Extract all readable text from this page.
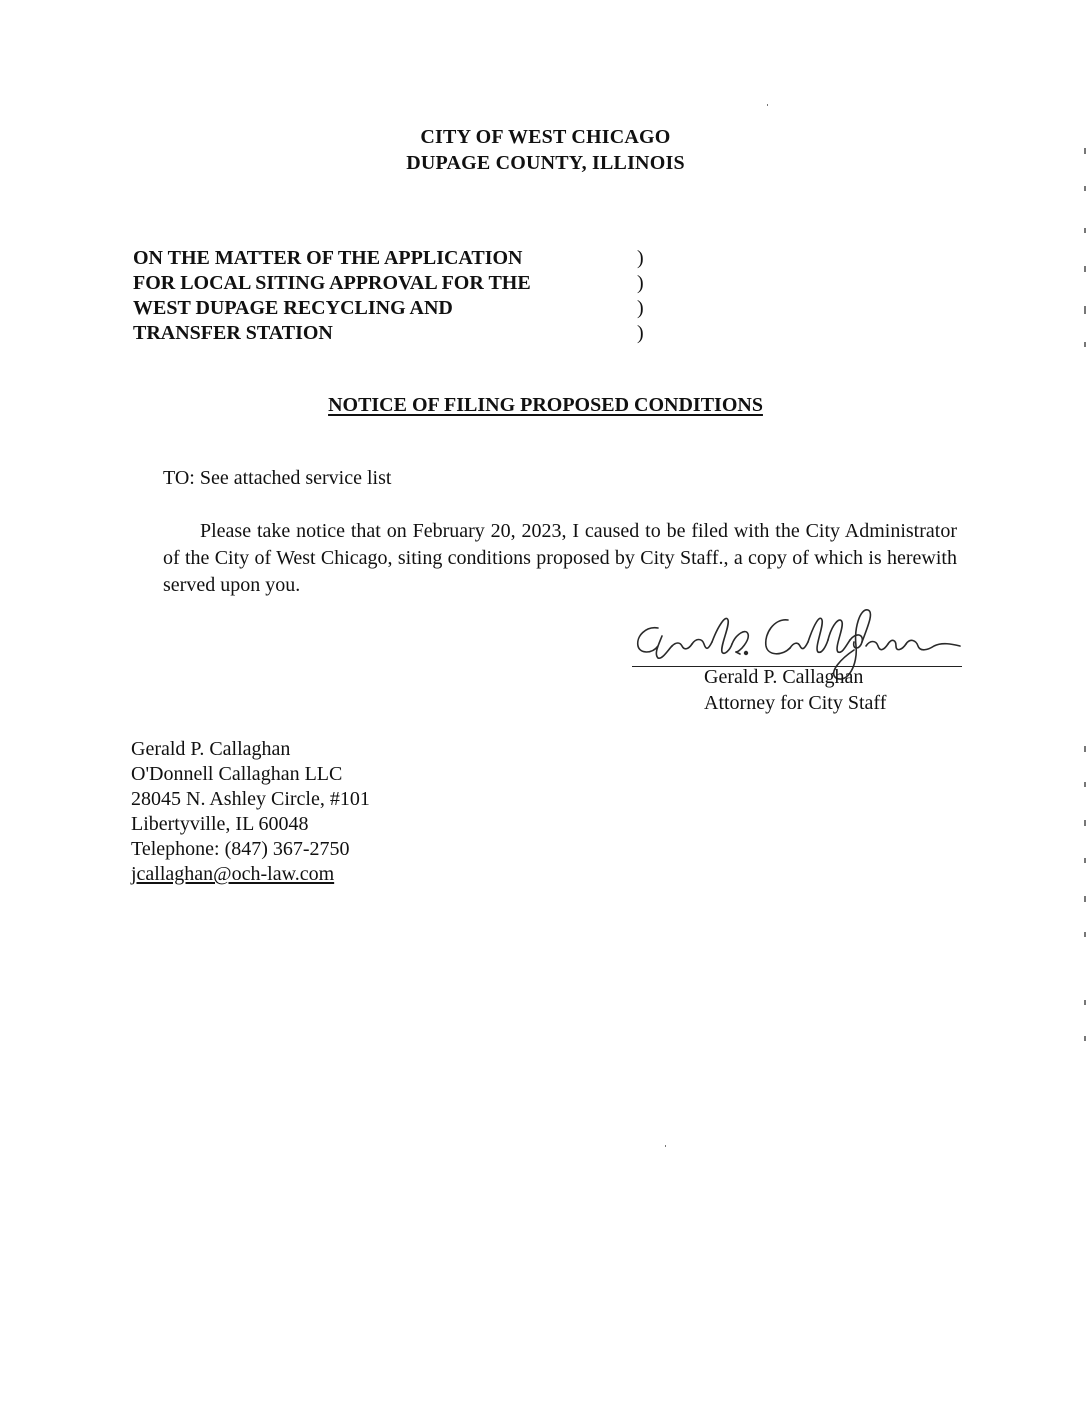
CITY OF WEST CHICAGO
DUPAGE COUNTY, ILLINOIS
ON THE MATTER OF THE APPLICATION	)
FOR LOCAL SITING APPROVAL FOR THE	)
WEST DUPAGE RECYCLING AND	)
TRANSFER STATION	)
NOTICE OF FILING PROPOSED CONDITIONS
TO: See attached service list
Please take notice that on February 20, 2023, I caused to be filed with the City Administrator of the City of West Chicago, siting conditions proposed by City Staff., a copy of which is herewith served upon you.
Gerald P. Callaghan
Attorney for City Staff
Gerald P. Callaghan
O'Donnell Callaghan LLC
28045 N. Ashley Circle, #101
Libertyville, IL 60048
Telephone: (847) 367-2750
jcallaghan@och-law.com
